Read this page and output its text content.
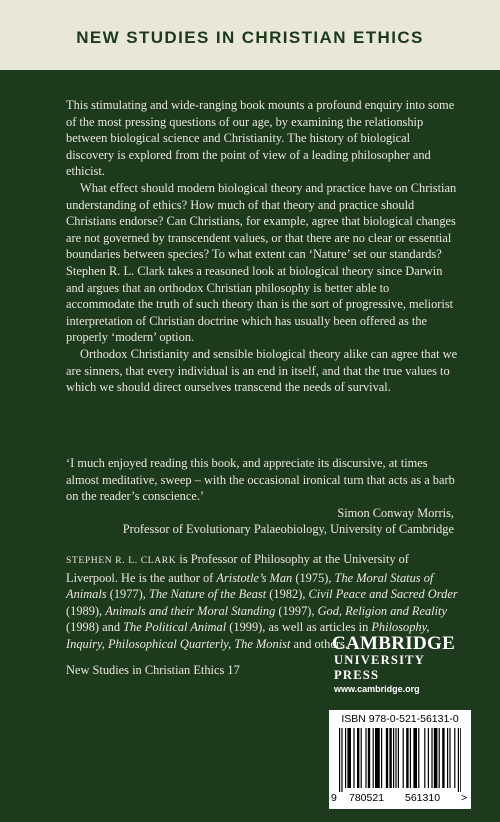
NEW STUDIES IN CHRISTIAN ETHICS

This stimulating and wide-ranging book mounts a profound enquiry into some of the most pressing questions of our age, by examining the relationship between biological science and Christianity. The history of biological discovery is explored from the point of view of a leading philosopher and ethicist.

What effect should modern biological theory and practice have on Christian understanding of ethics? How much of that theory and practice should Christians endorse? Can Christians, for example, agree that biological changes are not governed by transcendent values, or that there are no clear or essential boundaries between species? To what extent can ‘Nature’ set our standards? Stephen R. L. Clark takes a reasoned look at biological theory since Darwin and argues that an orthodox Christian philosophy is better able to accommodate the truth of such theory than is the sort of progressive, meliorist interpretation of Christian doctrine which has usually been offered as the properly ‘modern’ option.

Orthodox Christianity and sensible biological theory alike can agree that we are sinners, that every individual is an end in itself, and that the true values to which we should direct ourselves transcend the needs of survival.

‘I much enjoyed reading this book, and appreciate its discursive, at times almost meditative, sweep – with the occasional ironical turn that acts as a barb on the reader’s conscience.’

Simon Conway Morris,

Professor of Evolutionary Palaeobiology, University of Cambridge

STEPHEN R. L. CLARK is Professor of Philosophy at the University of Liverpool. He is the author of Aristotle’s Man (1975), The Moral Status of Animals (1977), The Nature of the Beast (1982), Civil Peace and Sacred Order (1989), Animals and their Moral Standing (1997), God, Religion and Reality (1998) and The Political Animal (1999), as well as articles in Philosophy, Inquiry, Philosophical Quarterly, The Monist and others.

New Studies in Christian Ethics 17
CAMBRIDGE
UNIVERSITY PRESS
www.cambridge.org
ISBN 978-0-521-56131-0
9 780521 561310 >
